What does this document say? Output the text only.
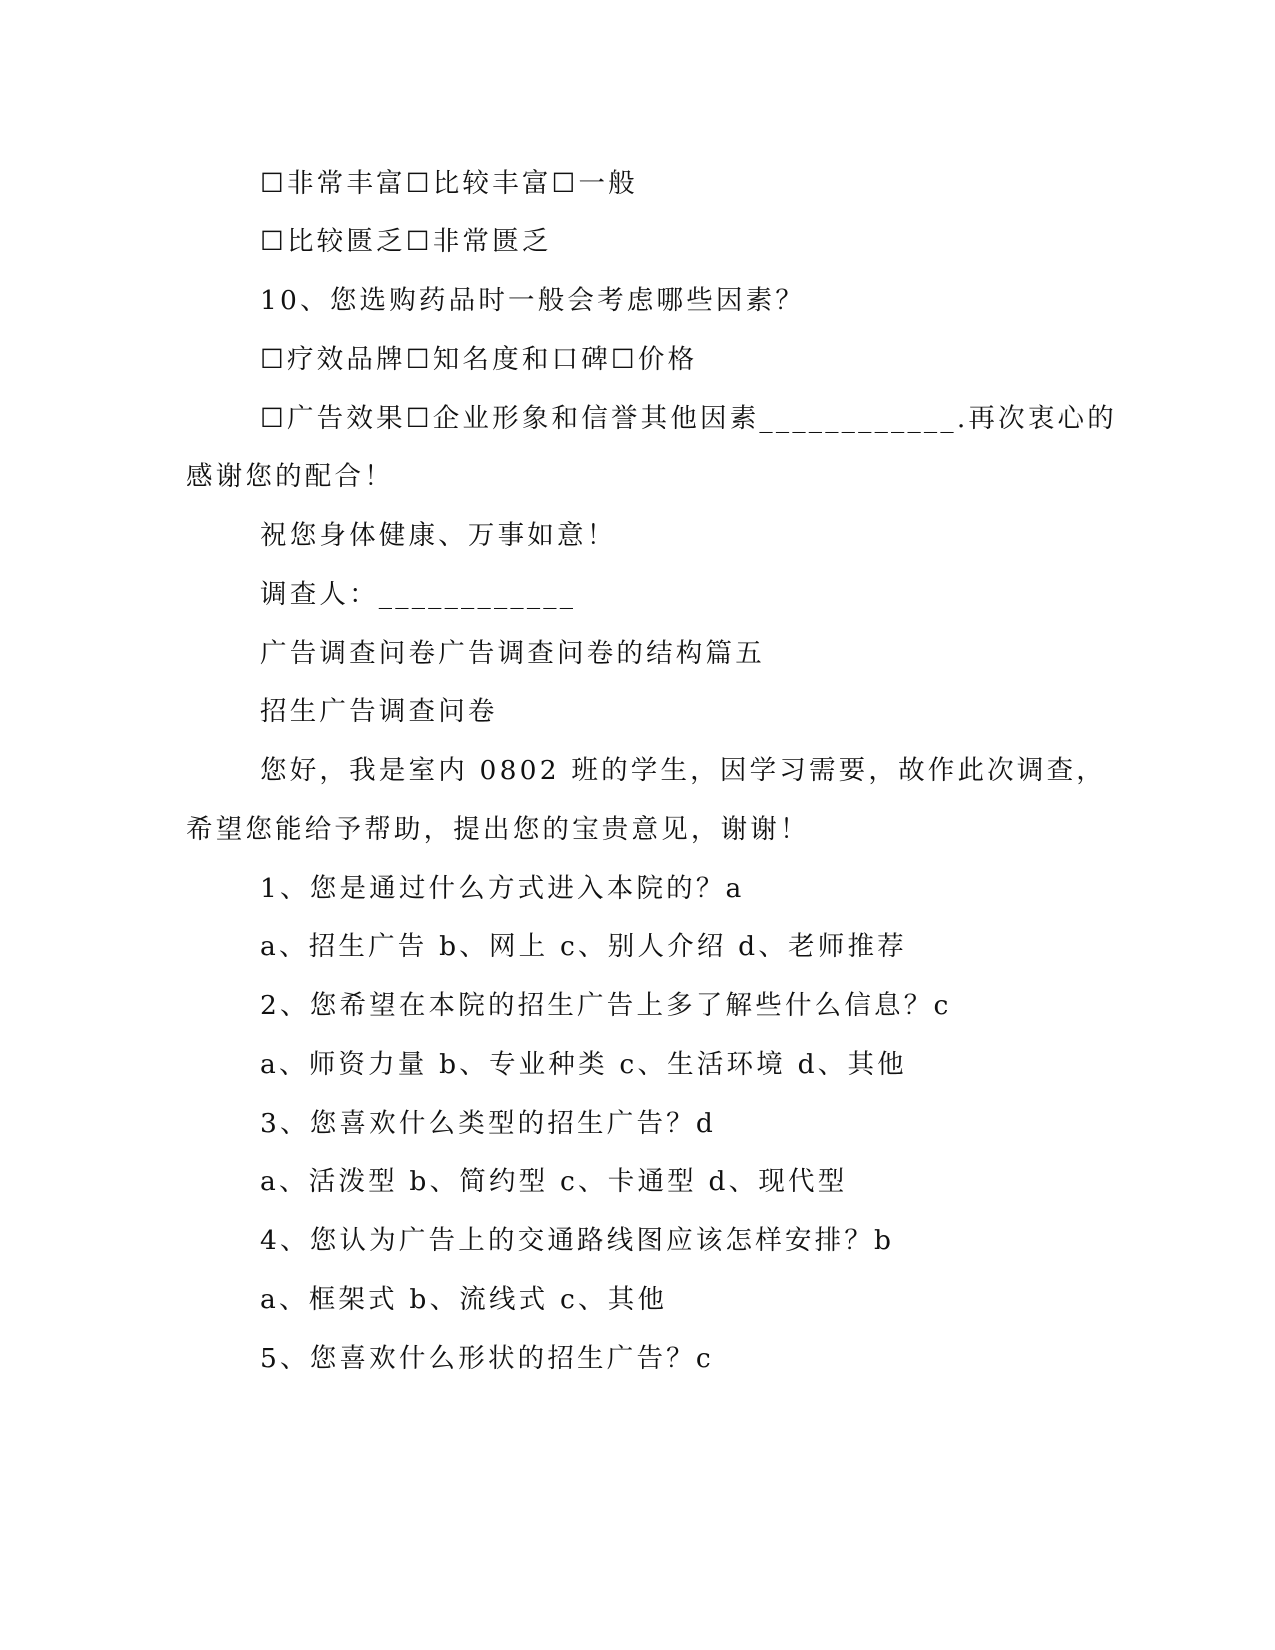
☐非常丰富☐比较丰富☐一般
☐比较匮乏☐非常匮乏
10、您选购药品时一般会考虑哪些因素？
☐疗效品牌☐知名度和口碑☐价格
☐广告效果☐企业形象和信誉其他因素____________.再次衷心的
感谢您的配合！
祝您身体健康、万事如意！
调查人：____________
广告调查问卷广告调查问卷的结构篇五
招生广告调查问卷
您好，我是室内 0802 班的学生，因学习需要，故作此次调查，
希望您能给予帮助，提出您的宝贵意见，谢谢！
1、您是通过什么方式进入本院的？a
a、招生广告 b、网上 c、别人介绍 d、老师推荐
2、您希望在本院的招生广告上多了解些什么信息？c
a、师资力量 b、专业种类 c、生活环境 d、其他
3、您喜欢什么类型的招生广告？d
a、活泼型 b、简约型 c、卡通型 d、现代型
4、您认为广告上的交通路线图应该怎样安排？b
a、框架式 b、流线式 c、其他
5、您喜欢什么形状的招生广告？c
